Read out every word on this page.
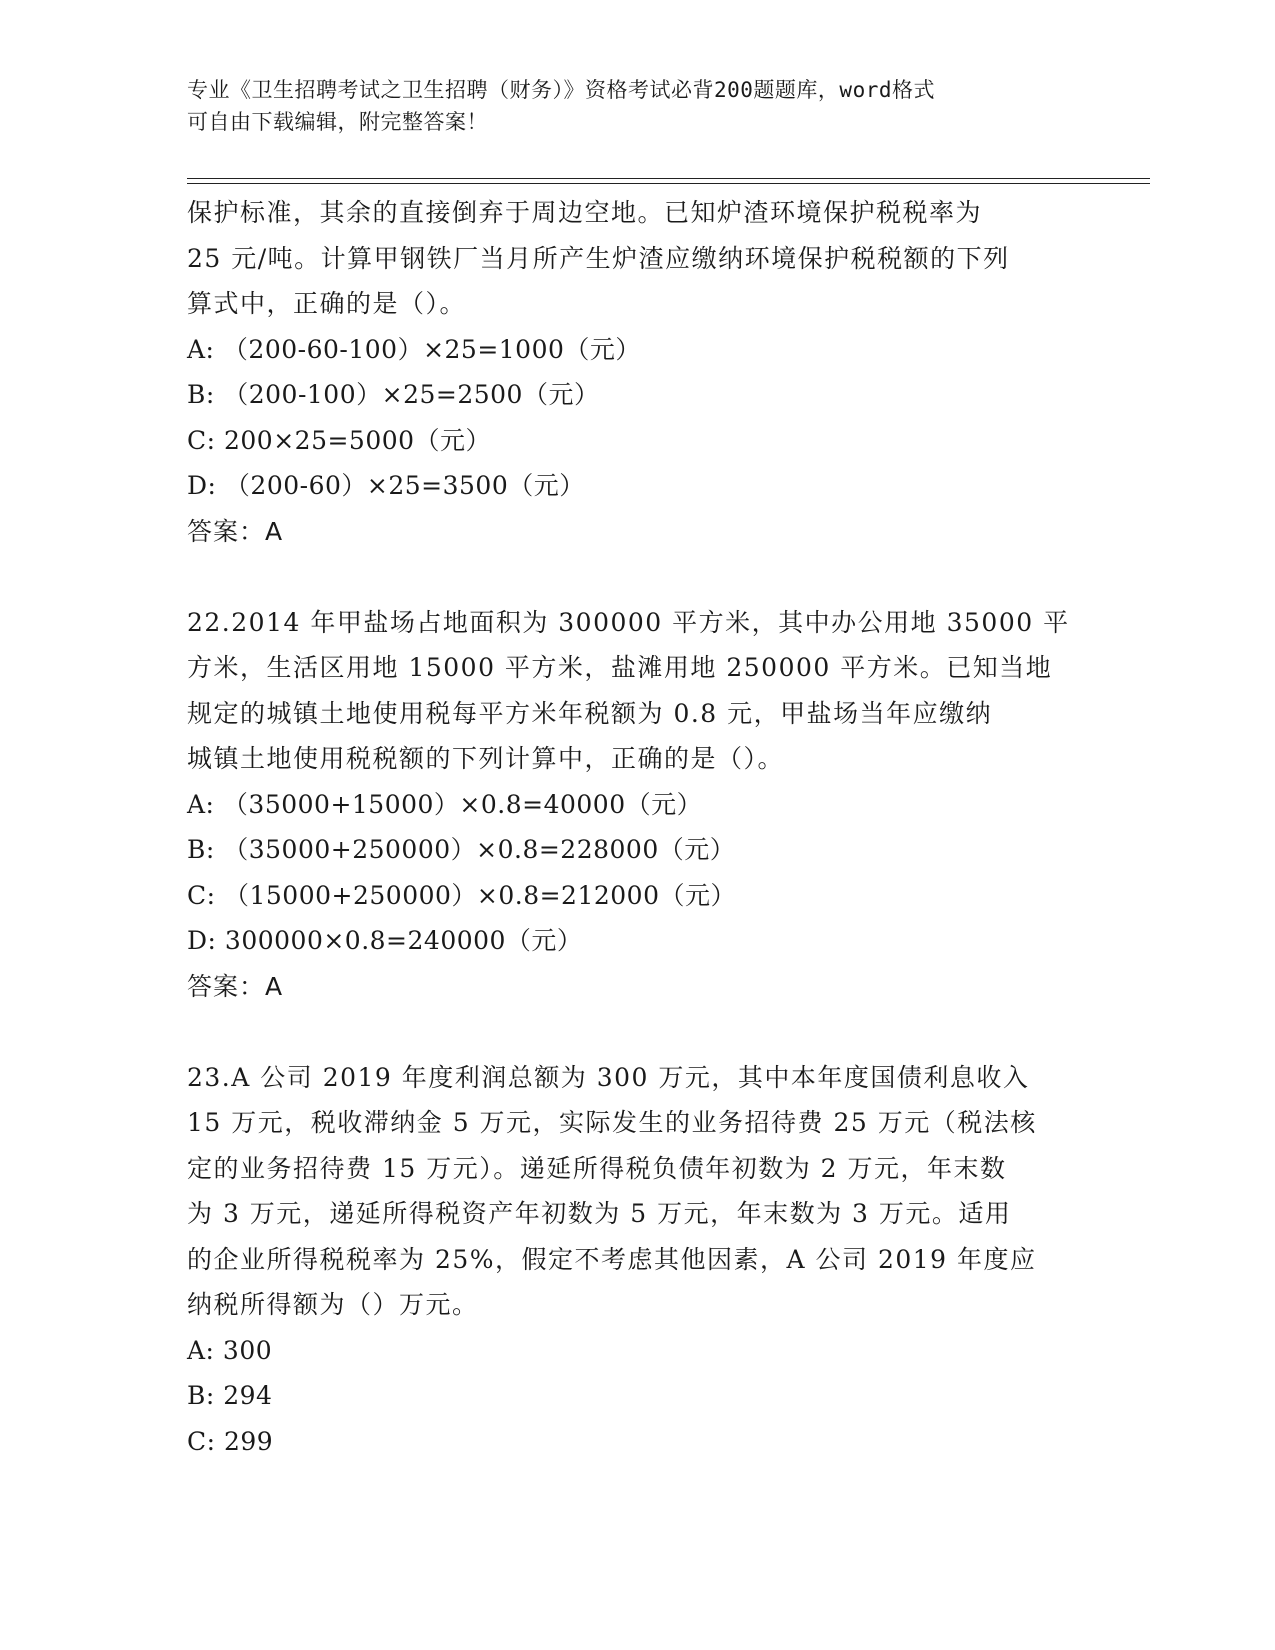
专业《卫生招聘考试之卫生招聘（财务）》资格考试必背200题题库，word格式
可自由下载编辑，附完整答案！
保护标准，其余的直接倒弃于周边空地。已知炉渣环境保护税税率为
25 元/吨。计算甲钢铁厂当月所产生炉渣应缴纳环境保护税税额的下列
算式中，正确的是（）。
A: （200-60-100）×25=1000（元）
B: （200-100）×25=2500（元）
C: 200×25=5000（元）
D: （200-60）×25=3500（元）
答案：A
22.2014 年甲盐场占地面积为 300000 平方米，其中办公用地 35000 平
方米，生活区用地 15000 平方米，盐滩用地 250000 平方米。已知当地
规定的城镇土地使用税每平方米年税额为 0.8 元，甲盐场当年应缴纳
城镇土地使用税税额的下列计算中，正确的是（）。
A: （35000+15000）×0.8=40000（元）
B: （35000+250000）×0.8=228000（元）
C: （15000+250000）×0.8=212000（元）
D: 300000×0.8=240000（元）
答案：A
23.A 公司 2019 年度利润总额为 300 万元，其中本年度国债利息收入
15 万元，税收滞纳金 5 万元，实际发生的业务招待费 25 万元（税法核
定的业务招待费 15 万元）。递延所得税负债年初数为 2 万元，年末数
为 3 万元，递延所得税资产年初数为 5 万元，年末数为 3 万元。适用
的企业所得税税率为 25%，假定不考虑其他因素，A 公司 2019 年度应
纳税所得额为（）万元。
A: 300
B: 294
C: 299
